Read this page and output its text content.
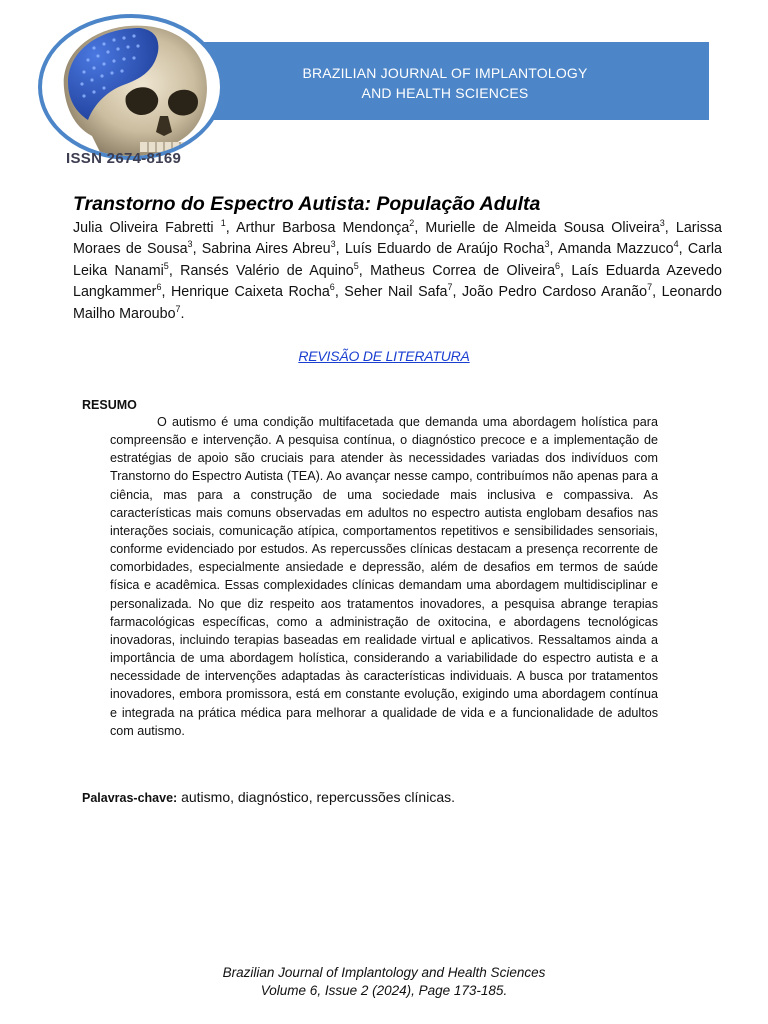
BRAZILIAN JOURNAL OF IMPLANTOLOGY
AND HEALTH SCIENCES
ISSN 2674-8169
Transtorno do Espectro Autista: População Adulta
Julia Oliveira Fabretti $^1$, Arthur Barbosa Mendonça$^2$, Murielle de Almeida Sousa Oliveira$^3$, Larissa Moraes de Sousa$^3$, Sabrina Aires Abreu$^3$, Luís Eduardo de Araújo Rocha$^3$, Amanda Mazzuco$^4$, Carla Leika Nanami$^5$, Ransés Valério de Aquino$^5$, Matheus Correa de Oliveira$^6$, Laís Eduarda Azevedo Langkammer$^6$, Henrique Caixeta Rocha$^6$, Seher Nail Safa$^7$, João Pedro Cardoso Aranão$^7$, Leonardo Mailho Maroubo$^7$.
REVISÃO DE LITERATURA
RESUMO

O autismo é uma condição multifacetada que demanda uma abordagem holística para compreensão e intervenção. A pesquisa contínua, o diagnóstico precoce e a implementação de estratégias de apoio são cruciais para atender às necessidades variadas dos indivíduos com Transtorno do Espectro Autista (TEA). Ao avançar nesse campo, contribuímos não apenas para a ciência, mas para a construção de uma sociedade mais inclusiva e compassiva. As características mais comuns observadas em adultos no espectro autista englobam desafios nas interações sociais, comunicação atípica, comportamentos repetitivos e sensibilidades sensoriais, conforme evidenciado por estudos. As repercussões clínicas destacam a presença recorrente de comorbidades, especialmente ansiedade e depressão, além de desafios em termos de saúde física e acadêmica. Essas complexidades clínicas demandam uma abordagem multidisciplinar e personalizada. No que diz respeito aos tratamentos inovadores, a pesquisa abrange terapias farmacológicas específicas, como a administração de oxitocina, e abordagens tecnológicas inovadoras, incluindo terapias baseadas em realidade virtual e aplicativos. Ressaltamos ainda a importância de uma abordagem holística, considerando a variabilidade do espectro autista e a necessidade de intervenções adaptadas às características individuais. A busca por tratamentos inovadores, embora promissora, está em constante evolução, exigindo uma abordagem contínua e integrada na prática médica para melhorar a qualidade de vida e a funcionalidade de adultos com autismo.

Palavras-chave: autismo, diagnóstico, repercussões clínicas.
Brazilian Journal of Implantology and Health Sciences
Volume 6, Issue 2 (2024), Page 173-185.
